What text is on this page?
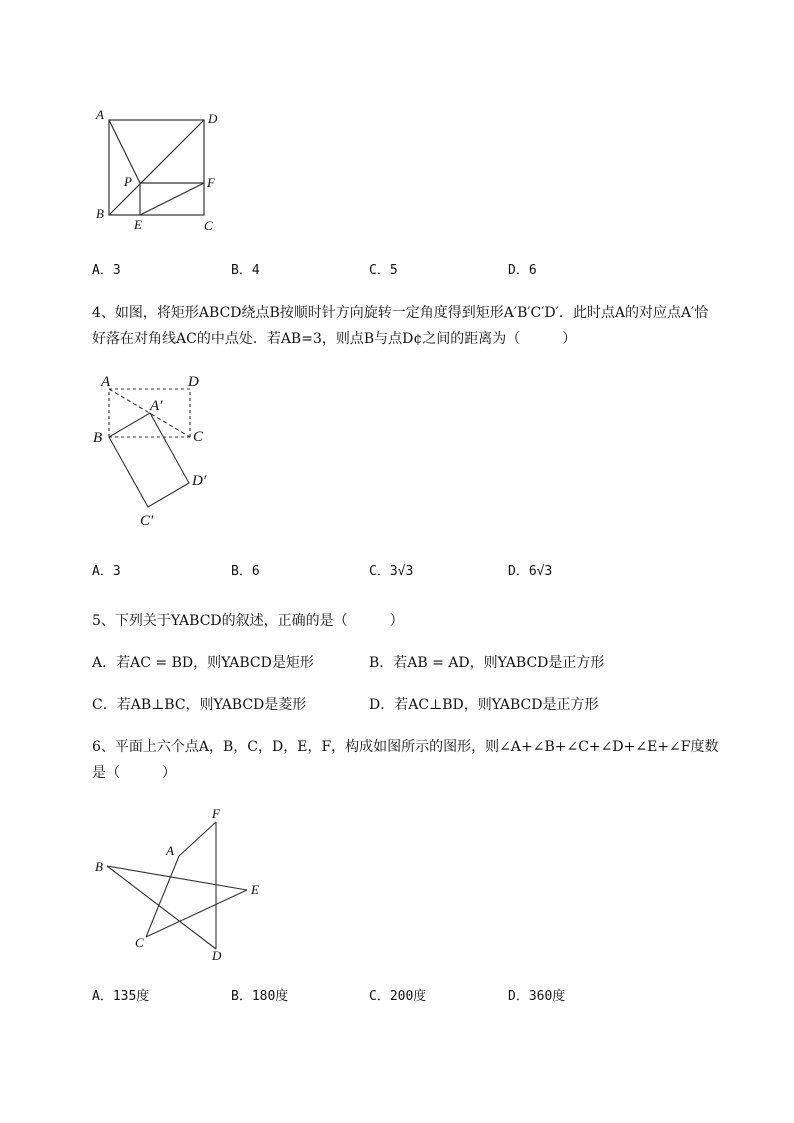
A	D
P	F
B
E	C
A．3	B．4	C．5	D．6
4、如图，将矩形ABCD绕点B按顺时针方向旋转一定角度得到矩形A′B′C′D′．此时点A的对应点A′恰
好落在对角线AC的中点处．若AB=3，则点B与点D¢之间的距离为（　　　）
A	D
A′
B	C
D′
C′
A．3	B．6	C．3√3	D．6√3
5、下列关于YABCD的叙述，正确的是（　　　）
A．若AC = BD，则YABCD是矩形	B．若AB = AD，则YABCD是正方形
C．若AB⊥BC，则YABCD是菱形	D．若AC⊥BD，则YABCD是正方形
6、平面上六个点A，B，C，D，E，F，构成如图所示的图形，则∠A+∠B+∠C+∠D+∠E+∠F度数
是（　　　）
F
A
B
E
C
D
A．135度	B．180度	C．200度	D．360度
